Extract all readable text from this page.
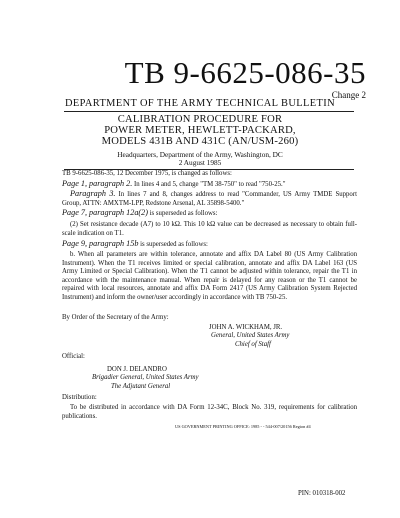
TB 9-6625-086-35
Change 2
DEPARTMENT OF THE ARMY TECHNICAL BULLETIN
CALIBRATION PROCEDURE FOR
POWER METER, HEWLETT-PACKARD,
MODELS 431B AND 431C (AN/USM-260)
Headquarters, Department of the Army, Washington, DC
2 August 1985
TB 9-6625-086-35, 12 December 1975, is changed as follows:
Page 1, paragraph 2. In lines 4 and 5, change "TM 38-750" to read "750-25."
Paragraph 3. In lines 7 and 8, changes address to read "Commander, US Army TMDE Support Group, ATTN: AMXTM-LPP, Redstone Arsenal, AL 35898-5400."
Page 7, paragraph 12a(2) is superseded as follows:
(2) Set resistance decade (A7) to 10 kΩ. This 10 kΩ value can be decreased as necessary to obtain full-scale indication on T1.
Page 9, paragraph 15b is superseded as follows:
b. When all parameters are within tolerance, annotate and affix DA Label 80 (US Army Calibration Instrument). When the T1 receives limited or special calibration, annotate and affix DA Label 163 (US Army Limited or Special Calibration). When the T1 cannot be adjusted within tolerance, repair the T1 in accordance with the maintenance manual. When repair is delayed for any reason or the T1 cannot be repaired with local resources, annotate and affix DA Form 2417 (US Army Calibration System Rejected Instrument) and inform the owner/user accordingly in accordance with TB 750-25.
By Order of the Secretary of the Army:
JOHN A. WICKHAM, JR.
General, United States Army
Chief of Staff
Official:
DON J. DELANDRO
Brigadier General, United States Army
The Adjutant General
Distribution:
To be distributed in accordance with DA Form 12-34C, Block No. 319, requirements for calibration publications.
US GOVERNMENT PRINTING OFFICE: 1985 - - 544-007/20156 Region #4
PIN: 010318-002
